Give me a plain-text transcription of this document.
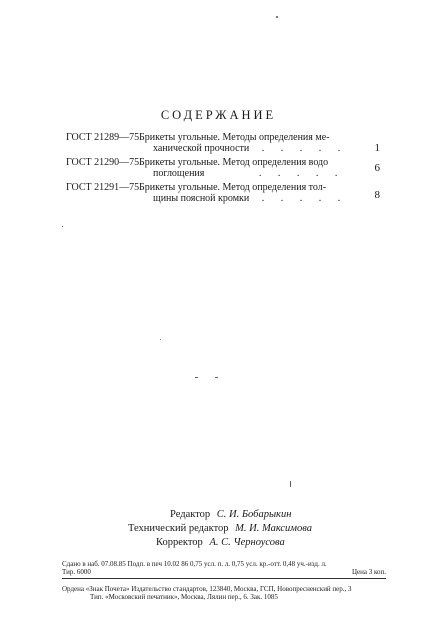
СОДЕРЖАНИЕ
ГОСТ 21289—75 Брикеты угольные. Методы определения ме-
ханической прочности . . . . .	1
ГОСТ 21290—75 Брикеты угольные. Метод определения водо
поглощения	. . . . .	6
ГОСТ 21291—75 Брикеты угольные. Метод определения тол-
щины поясной кромки . . . . .	8
Редактор С. И. Бобарыкин
Технический редактор М. И. Максимова
Корректор А. С. Черноусова
Сдано в наб. 07.08.85 Подп. в печ 10.02 86 0,75 усл. п. л. 0,75 усл. кр.-отт. 0,48 уч.-изд. л.
Тир. 6000	Цена 3 коп.
Ордена «Знак Почета» Издательство стандартов, 123840, Москва, ГСП, Новопресненский пер., 3
Тип. «Московский печатник», Москва, Лялин пер., 6. Зак. 1085
